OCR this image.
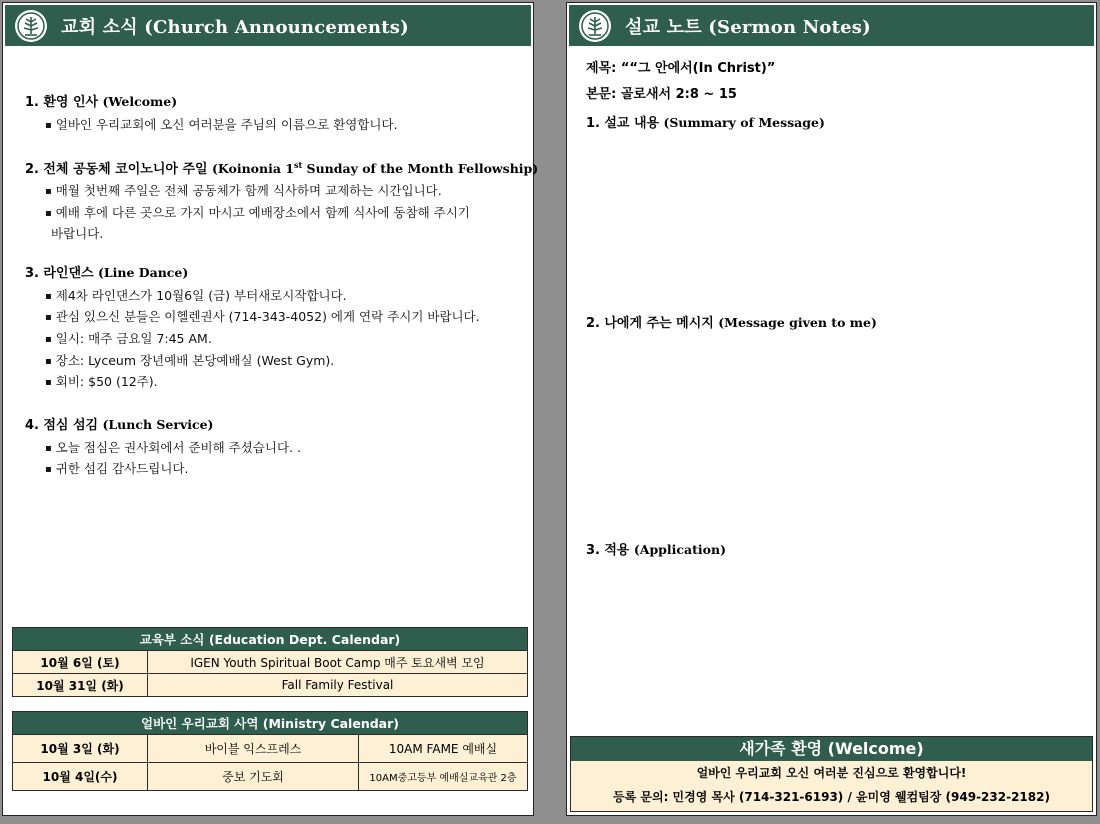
교회 소식 (Church Announcements)
1. 환영 인사 (Welcome)
▪ 얼바인 우리교회에 오신 여러분을 주님의 이름으로 환영합니다.
2. 전체 공동체 코이노니아 주일 (Koinonia 1st Sunday of the Month Fellowship)
▪ 매월 첫번째 주일은 전체 공동체가 함께 식사하며 교제하는 시간입니다.
▪ 예배 후에 다른 곳으로 가지 마시고 예배장소에서 함께 식사에 동참해 주시기
바랍니다.
3. 라인댄스 (Line Dance)
▪ 제4차 라인댄스가 10월6일 (금) 부터새로시작합니다.
▪ 관심 있으신 분들은 이헬렌권사 (714-343-4052) 에게 연락 주시기 바랍니다.
▪ 일시: 매주 금요일 7:45 AM.
▪ 장소: Lyceum 장년예배 본당예배실 (West Gym).
▪ 회비: $50 (12주).
4. 점심 섬김 (Lunch Service)
▪ 오늘 점심은 권사회에서 준비해 주셨습니다. .
▪ 귀한 섬김 감사드립니다.
교육부 소식 (Education Dept. Calendar)	
10월 6일 (토)	IGEN Youth Spiritual Boot Camp 매주 토요새벽 모임
10월 31일 (화)	Fall Family Festival
얼바인 우리교회 사역 (Ministry Calendar)		
10월 3일 (화)	바이블 익스프레스	10AM FAME 예배실
10월 4일(수)	중보 기도회	10AM중고등부 예배실교육관 2층
설교 노트 (Sermon Notes)
제목: ““그 안에서(In Christ)”
본문: 골로새서 2:8 ~ 15
1. 설교 내용 (Summary of Message)
2. 나에게 주는 메시지 (Message given to me)
3. 적용 (Application)
새가족 환영 (Welcome)
얼바인 우리교회 오신 여러분 진심으로 환영합니다!
등록 문의: 민경영 목사 (714-321-6193) / 윤미영 웰컴팀장 (949-232-2182)
